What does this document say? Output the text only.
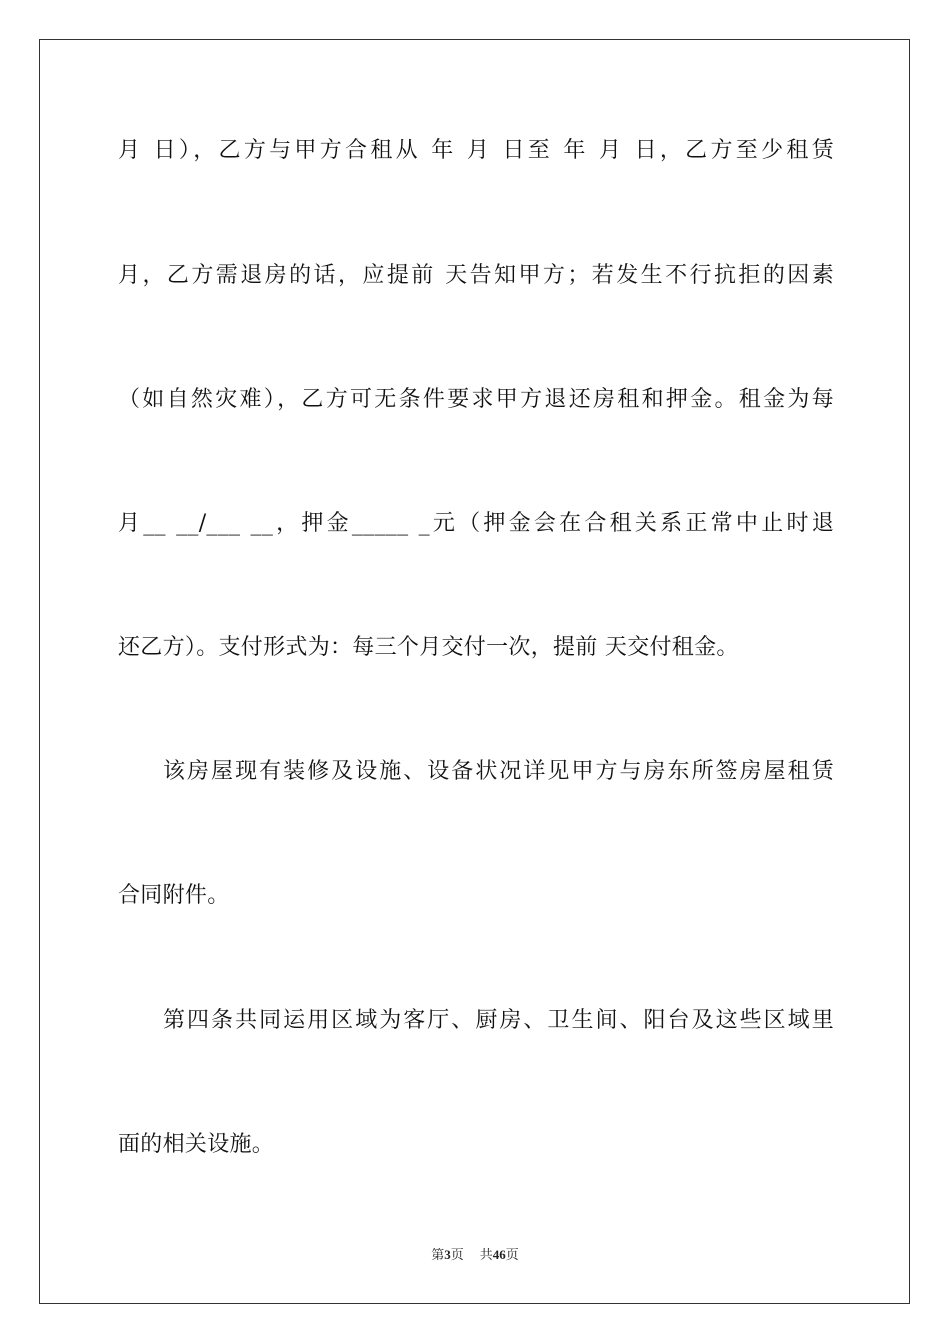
月 日），乙方与甲方合租从 年 月 日至 年 月 日，乙方至少租赁
月，乙方需退房的话，应提前 天告知甲方；若发生不行抗拒的因素
（如自然灾难），乙方可无条件要求甲方退还房租和押金。租金为每
月__ __/___ __，押金_____ _元（押金会在合租关系正常中止时退
还乙方）。支付形式为：每三个月交付一次，提前 天交付租金。
该房屋现有装修及设施、设备状况详见甲方与房东所签房屋租赁
合同附件。
第四条共同运用区域为客厅、厨房、卫生间、阳台及这些区域里
面的相关设施。
第3页 共46页
